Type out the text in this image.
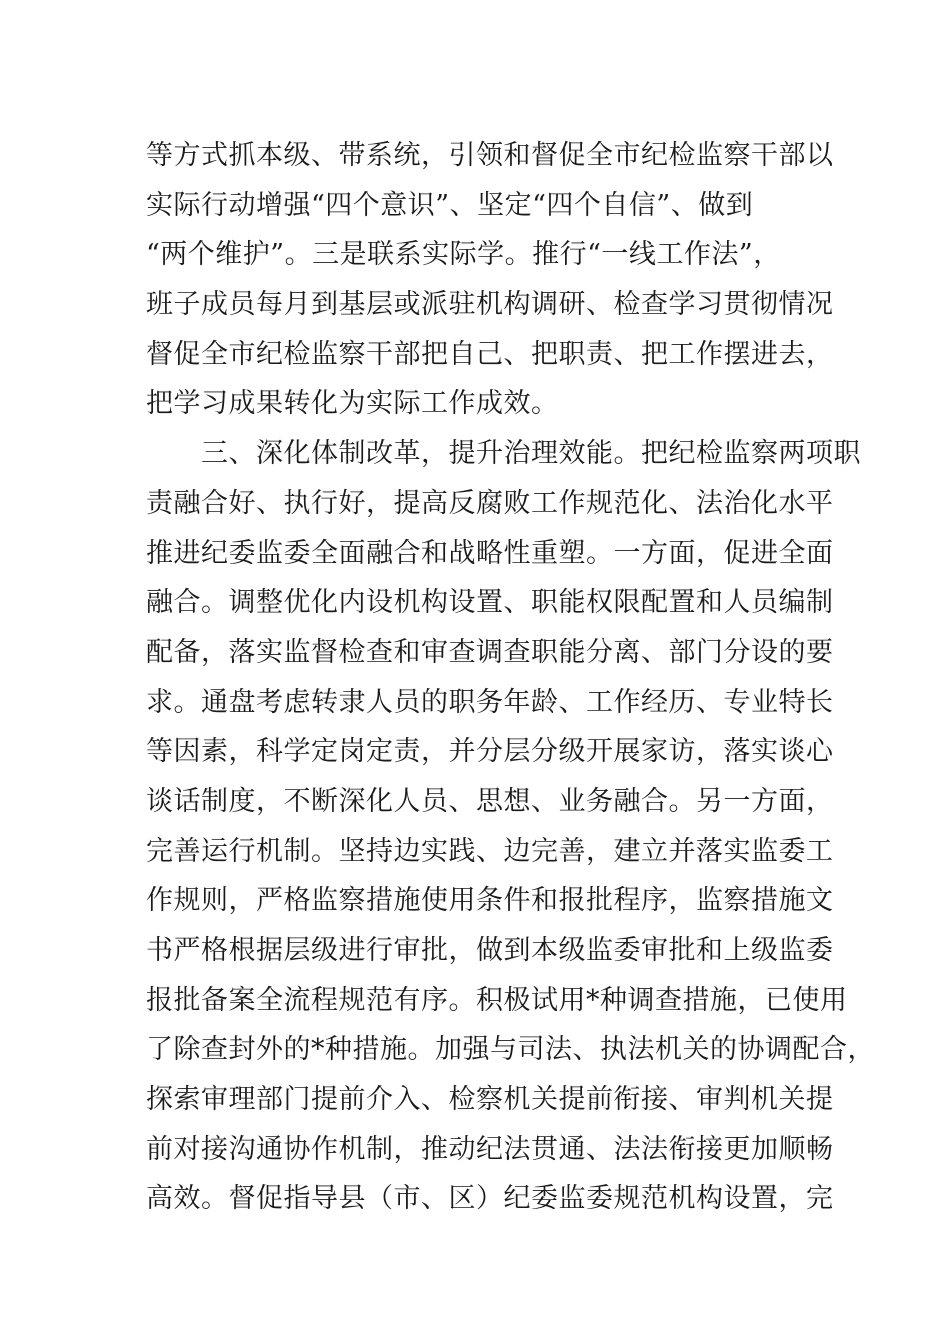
等方式抓本级、带系统，引领和督促全市纪检监察干部以
实际行动增强“四个意识”、坚定“四个自信”、做到
“两个维护”。三是联系实际学。推行“一线工作法”，
班子成员每月到基层或派驻机构调研、检查学习贯彻情况
督促全市纪检监察干部把自己、把职责、把工作摆进去，
把学习成果转化为实际工作成效。
　　三、深化体制改革，提升治理效能。把纪检监察两项职
责融合好、执行好，提高反腐败工作规范化、法治化水平
推进纪委监委全面融合和战略性重塑。一方面，促进全面
融合。调整优化内设机构设置、职能权限配置和人员编制
配备，落实监督检查和审查调查职能分离、部门分设的要
求。通盘考虑转隶人员的职务年龄、工作经历、专业特长
等因素，科学定岗定责，并分层分级开展家访，落实谈心
谈话制度，不断深化人员、思想、业务融合。另一方面，
完善运行机制。坚持边实践、边完善，建立并落实监委工
作规则，严格监察措施使用条件和报批程序，监察措施文
书严格根据层级进行审批，做到本级监委审批和上级监委
报批备案全流程规范有序。积极试用*种调查措施，已使用
了除查封外的*种措施。加强与司法、执法机关的协调配合，
探索审理部门提前介入、检察机关提前衔接、审判机关提
前对接沟通协作机制，推动纪法贯通、法法衔接更加顺畅
高效。督促指导县（市、区）纪委监委规范机构设置，完
